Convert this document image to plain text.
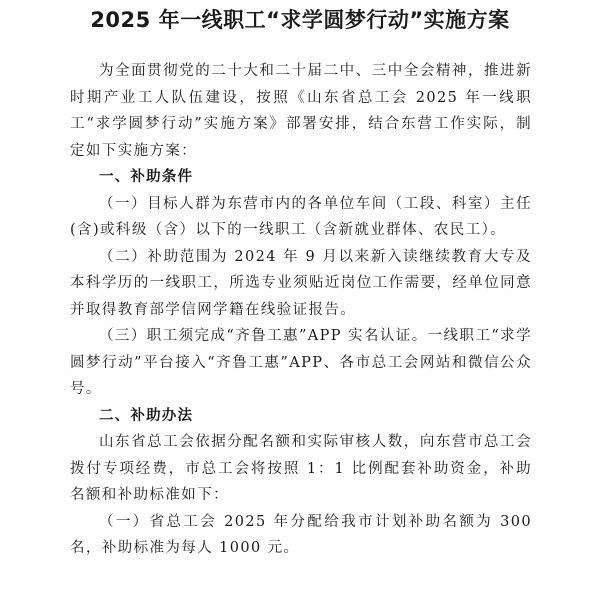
2025 年一线职工“求学圆梦行动”实施方案

为全面贯彻党的二十大和二十届二中、三中全会精神，推进新时期产业工人队伍建设，按照《山东省总工会 2025 年一线职工“求学圆梦行动”实施方案》部署安排，结合东营工作实际，制定如下实施方案：

一、补助条件

（一）目标人群为东营市内的各单位车间（工段、科室）主任(含)或科级（含）以下的一线职工（含新就业群体、农民工）。

（二）补助范围为 2024 年 9 月以来新入读继续教育大专及本科学历的一线职工，所选专业须贴近岗位工作需要，经单位同意并取得教育部学信网学籍在线验证报告。

（三）职工须完成“齐鲁工惠”APP 实名认证。一线职工“求学圆梦行动”平台接入“齐鲁工惠”APP、各市总工会网站和微信公众号。

二、补助办法

山东省总工会依据分配名额和实际审核人数，向东营市总工会拨付专项经费，市总工会将按照 1：1 比例配套补助资金，补助名额和补助标准如下：

（一）省总工会 2025 年分配给我市计划补助名额为 300 名，补助标准为每人 1000 元。
